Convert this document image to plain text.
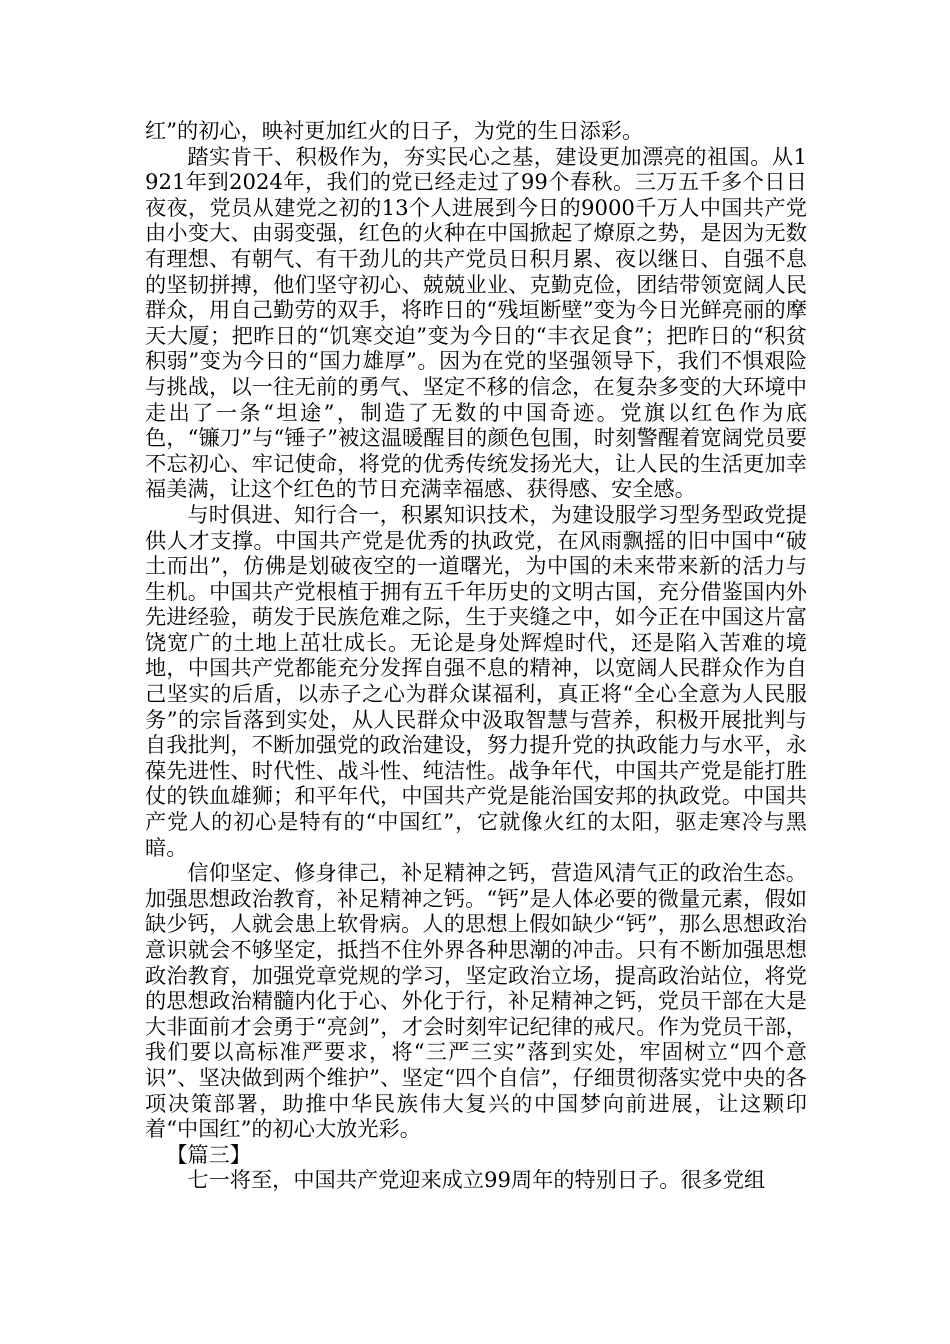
红”的初心，映衬更加红火的日子，为党的生日添彩。

踏实肯干、积极作为，夯实民心之基，建设更加漂亮的祖国。从1921年到2024年，我们的党已经走过了99个春秋。三万五千多个日日夜夜，党员从建党之初的13个人进展到今日的9000千万人中国共产党由小变大、由弱变强，红色的火种在中国掀起了燎原之势，是因为无数有理想、有朝气、有干劲儿的共产党员日积月累、夜以继日、自强不息的坚韧拼搏，他们坚守初心、兢兢业业、克勤克俭，团结带领宽阔人民群众，用自己勤劳的双手，将昨日的“残垣断壁”变为今日光鲜亮丽的摩天大厦；把昨日的“饥寒交迫”变为今日的“丰衣足食”；把昨日的“积贫积弱”变为今日的“国力雄厚”。因为在党的坚强领导下，我们不惧艰险与挑战，以一往无前的勇气、坚定不移的信念，在复杂多变的大环境中走出了一条“坦途”，制造了无数的中国奇迹。党旗以红色作为底色，“镰刀”与“锤子”被这温暖醒目的颜色包围，时刻警醒着宽阔党员要不忘初心、牢记使命，将党的优秀传统发扬光大，让人民的生活更加幸福美满，让这个红色的节日充满幸福感、获得感、安全感。

与时俱进、知行合一，积累知识技术，为建设服学习型务型政党提供人才支撑。中国共产党是优秀的执政党，在风雨飘摇的旧中国中“破土而出”，仿佛是划破夜空的一道曙光，为中国的未来带来新的活力与生机。中国共产党根植于拥有五千年历史的文明古国，充分借鉴国内外先进经验，萌发于民族危难之际，生于夹缝之中，如今正在中国这片富饶宽广的土地上茁壮成长。无论是身处辉煌时代，还是陷入苦难的境地，中国共产党都能充分发挥自强不息的精神，以宽阔人民群众作为自己坚实的后盾，以赤子之心为群众谋福利，真正将“全心全意为人民服务”的宗旨落到实处，从人民群众中汲取智慧与营养，积极开展批判与自我批判，不断加强党的政治建设，努力提升党的执政能力与水平，永葆先进性、时代性、战斗性、纯洁性。战争年代，中国共产党是能打胜仗的铁血雄狮；和平年代，中国共产党是能治国安邦的执政党。中国共产党人的初心是特有的“中国红”，它就像火红的太阳，驱走寒冷与黑暗。

信仰坚定、修身律己，补足精神之钙，营造风清气正的政治生态。加强思想政治教育，补足精神之钙。“钙”是人体必要的微量元素，假如缺少钙，人就会患上软骨病。人的思想上假如缺少“钙”，那么思想政治意识就会不够坚定，抵挡不住外界各种思潮的冲击。只有不断加强思想政治教育，加强党章党规的学习，坚定政治立场，提高政治站位，将党的思想政治精髓内化于心、外化于行，补足精神之钙，党员干部在大是大非面前才会勇于“亮剑”，才会时刻牢记纪律的戒尺。作为党员干部，我们要以高标准严要求，将“三严三实”落到实处，牢固树立“四个意识”、坚决做到两个维护”、坚定“四个自信”，仔细贯彻落实党中央的各项决策部署，助推中华民族伟大复兴的中国梦向前进展，让这颗印着“中国红”的初心大放光彩。

【篇三】

七一将至，中国共产党迎来成立99周年的特别日子。很多党组
